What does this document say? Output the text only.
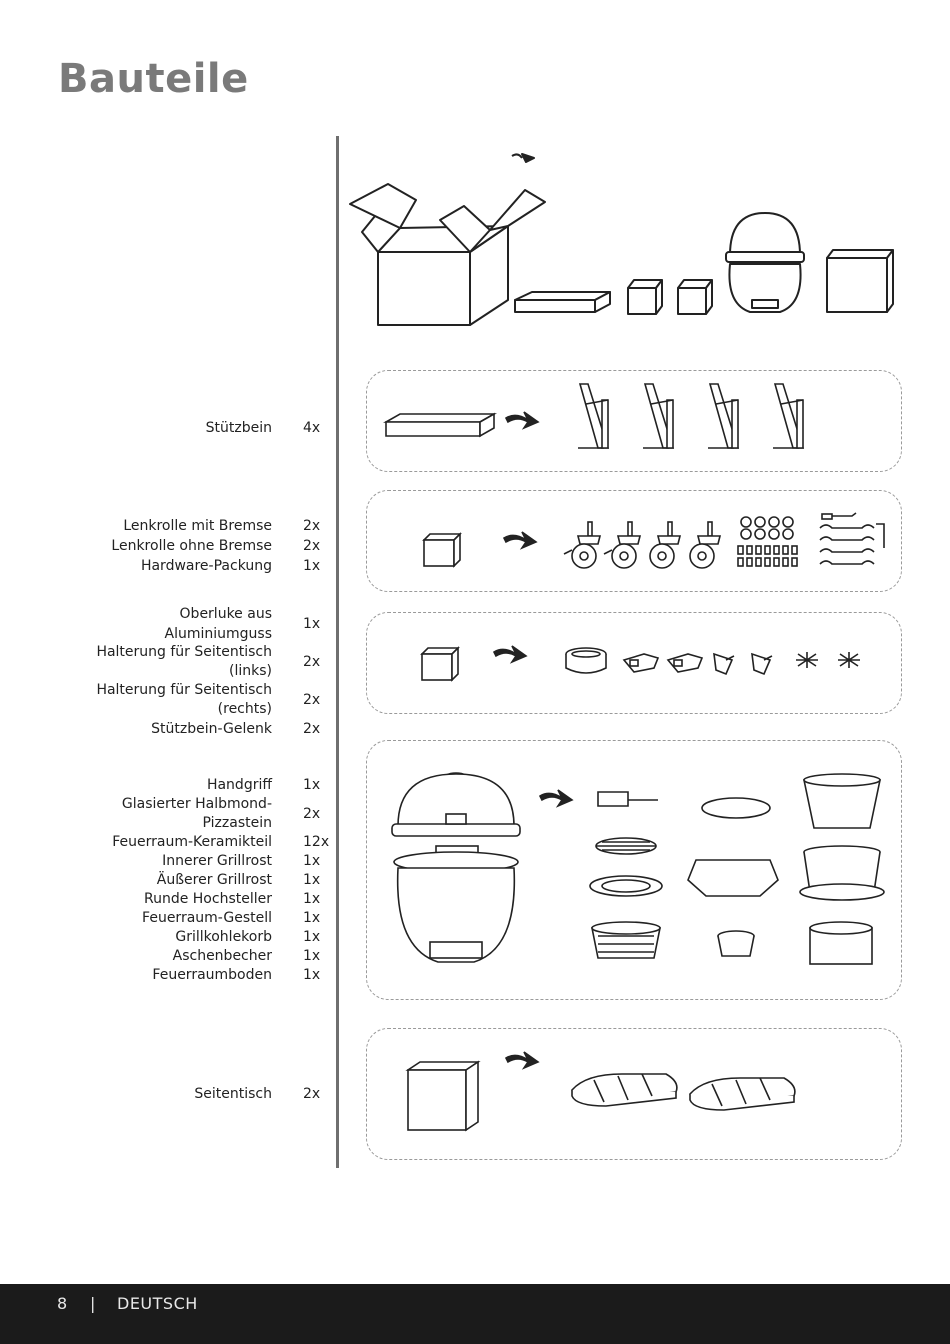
Bauteile
Stützbein 4x
Lenkrolle mit Bremse 2x
Lenkrolle ohne Bremse 2x
Hardware-Packung 1x
Oberluke aus
Aluminiumguss
1x
Halterung für Seitentisch
(links)
2x
Halterung für Seitentisch
(rechts)
2x
Stützbein-Gelenk 2x
Handgriff 1x
Glasierter Halbmond-
Pizzastein
2x
Feuerraum-Keramikteil 12x
Innerer Grillrost 1x
Äußerer Grillrost 1x
Runde Hochsteller 1x
Feuerraum-Gestell 1x
Grillkohlekorb 1x
Aschenbecher 1x
Feuerraumboden 1x
Seitentisch 2x
8 | DEUTSCH
